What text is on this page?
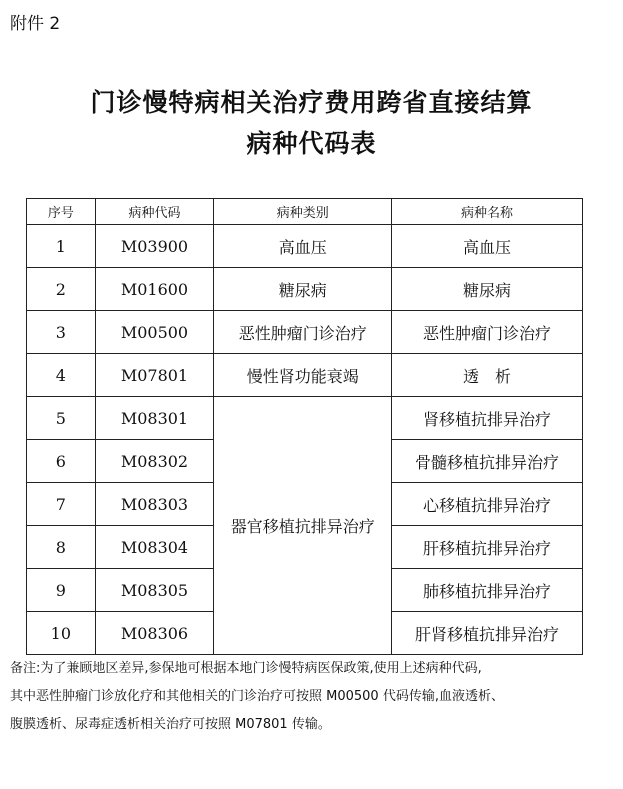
附件 2
门诊慢特病相关治疗费用跨省直接结算
病种代码表
序号	病种代码	病种类别	病种名称
1	M03900	高血压	高血压
2	M01600	糖尿病	糖尿病
3	M00500	恶性肿瘤门诊治疗	恶性肿瘤门诊治疗
4	M07801	慢性肾功能衰竭	透　析
5	M08301	器官移植抗排异治疗	肾移植抗排异治疗
6	M08302		骨髓移植抗排异治疗
7	M08303		心移植抗排异治疗
8	M08304		肝移植抗排异治疗
9	M08305		肺移植抗排异治疗
10	M08306		肝肾移植抗排异治疗

备注:为了兼顾地区差异,参保地可根据本地门诊慢特病医保政策,使用上述病种代码,

其中恶性肿瘤门诊放化疗和其他相关的门诊治疗可按照 M00500 代码传输,血液透析、

腹膜透析、尿毒症透析相关治疗可按照 M07801 传输。
